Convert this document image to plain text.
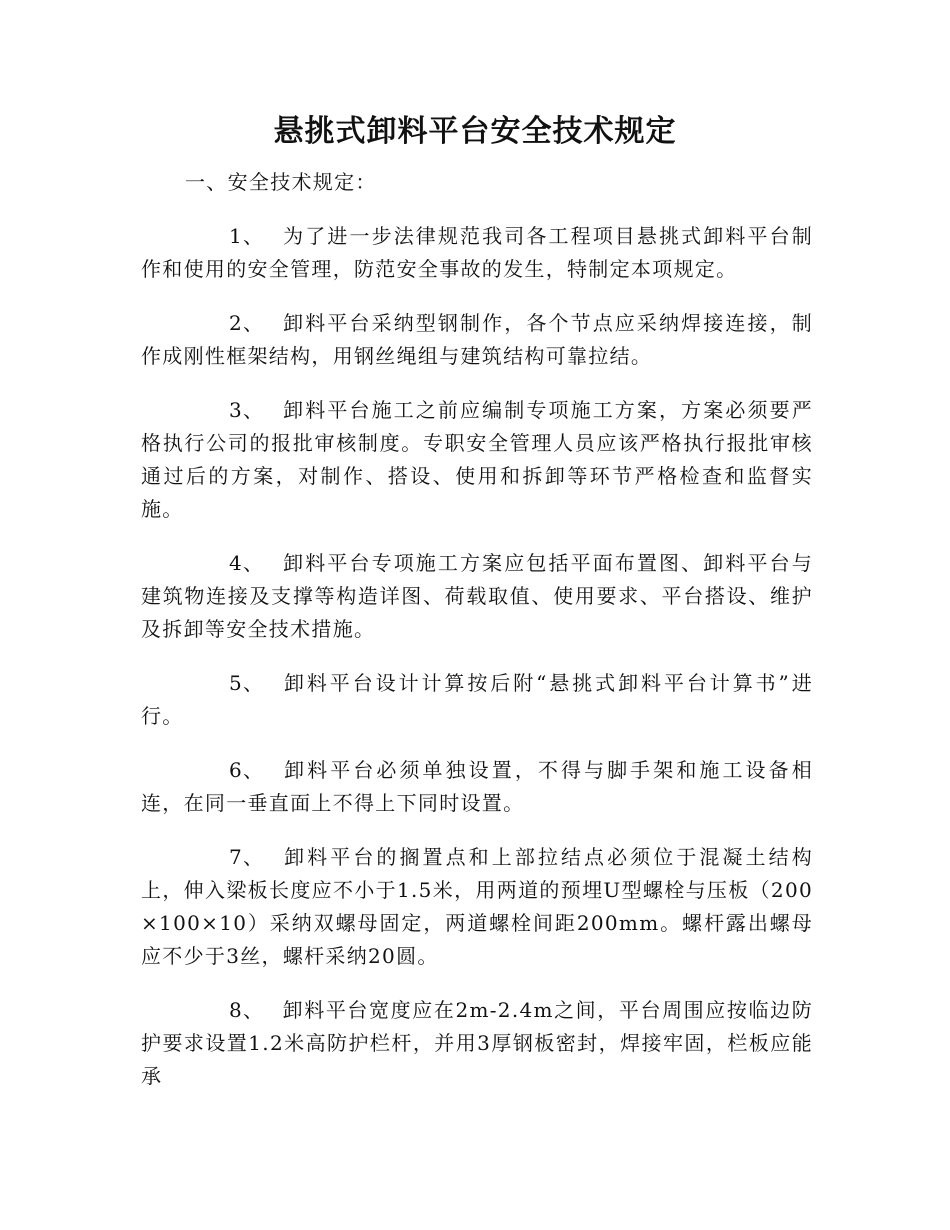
悬挑式卸料平台安全技术规定

一、安全技术规定：

1、 为了进一步法律规范我司各工程项目悬挑式卸料平台制作和使用的安全管理，防范安全事故的发生，特制定本项规定。

2、 卸料平台采纳型钢制作，各个节点应采纳焊接连接，制作成刚性框架结构，用钢丝绳组与建筑结构可靠拉结。

3、 卸料平台施工之前应编制专项施工方案，方案必须要严格执行公司的报批审核制度。专职安全管理人员应该严格执行报批审核通过后的方案，对制作、搭设、使用和拆卸等环节严格检查和监督实施。

4、 卸料平台专项施工方案应包括平面布置图、卸料平台与建筑物连接及支撑等构造详图、荷载取值、使用要求、平台搭设、维护及拆卸等安全技术措施。

5、 卸料平台设计计算按后附“悬挑式卸料平台计算书”进行。

6、 卸料平台必须单独设置，不得与脚手架和施工设备相连，在同一垂直面上不得上下同时设置。

7、 卸料平台的搁置点和上部拉结点必须位于混凝土结构上，伸入梁板长度应不小于1.5米，用两道的预埋U型螺栓与压板（200×100×10）采纳双螺母固定，两道螺栓间距200mm。螺杆露出螺母应不少于3丝，螺杆采纳20圆。

8、 卸料平台宽度应在2m-2.4m之间，平台周围应按临边防护要求设置1.2米高防护栏杆，并用3厚钢板密封，焊接牢固，栏板应能承
